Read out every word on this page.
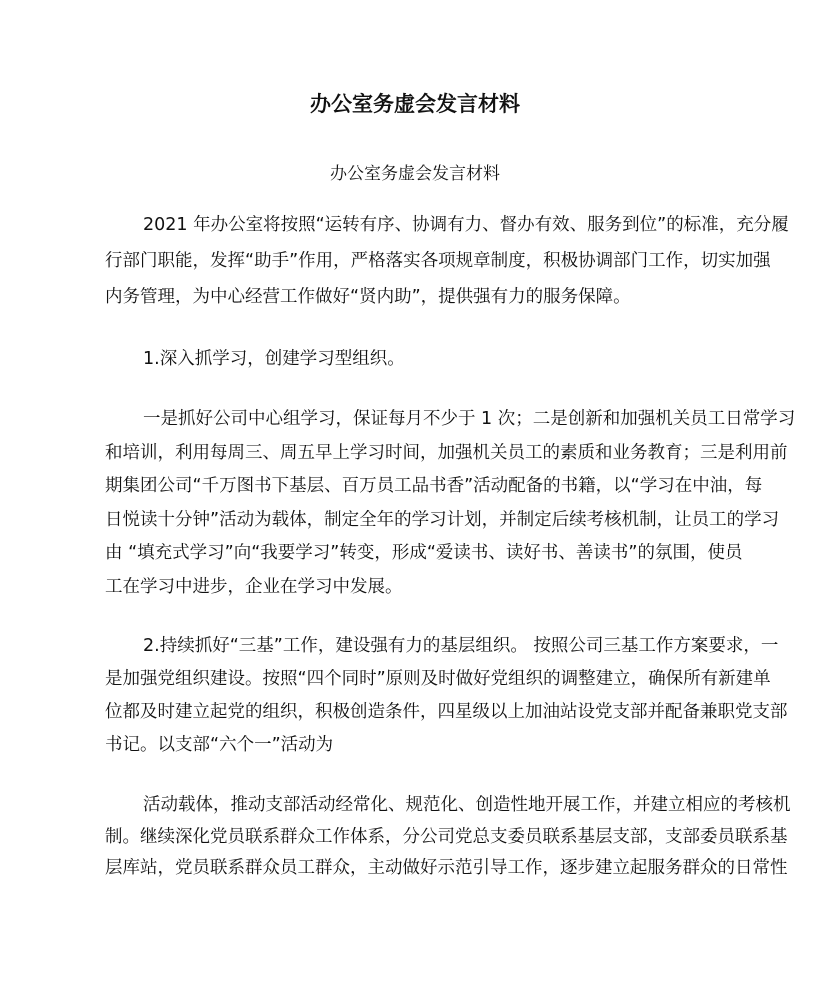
办公室务虚会发言材料
办公室务虚会发言材料
2021 年办公室将按照“运转有序、协调有力、督办有效、服务到位”的标准，充分履
行部门职能，发挥“助手”作用，严格落实各项规章制度，积极协调部门工作，切实加强
内务管理，为中心经营工作做好“贤内助”，提供强有力的服务保障。
1.深入抓学习，创建学习型组织。
一是抓好公司中心组学习，保证每月不少于 1 次；二是创新和加强机关员工日常学习
和培训，利用每周三、周五早上学习时间，加强机关员工的素质和业务教育；三是利用前
期集团公司“千万图书下基层、百万员工品书香”活动配备的书籍，以“学习在中油，每
日悦读十分钟”活动为载体，制定全年的学习计划，并制定后续考核机制，让员工的学习
由 “填充式学习”向“我要学习”转变，形成“爱读书、读好书、善读书”的氛围，使员
工在学习中进步，企业在学习中发展。
2.持续抓好“三基”工作，建设强有力的基层组织。 按照公司三基工作方案要求，一
是加强党组织建设。按照“四个同时”原则及时做好党组织的调整建立，确保所有新建单
位都及时建立起党的组织，积极创造条件，四星级以上加油站设党支部并配备兼职党支部
书记。以支部“六个一”活动为
活动载体，推动支部活动经常化、规范化、创造性地开展工作，并建立相应的考核机
制。继续深化党员联系群众工作体系，分公司党总支委员联系基层支部，支部委员联系基
层库站，党员联系群众员工群众，主动做好示范引导工作，逐步建立起服务群众的日常性
